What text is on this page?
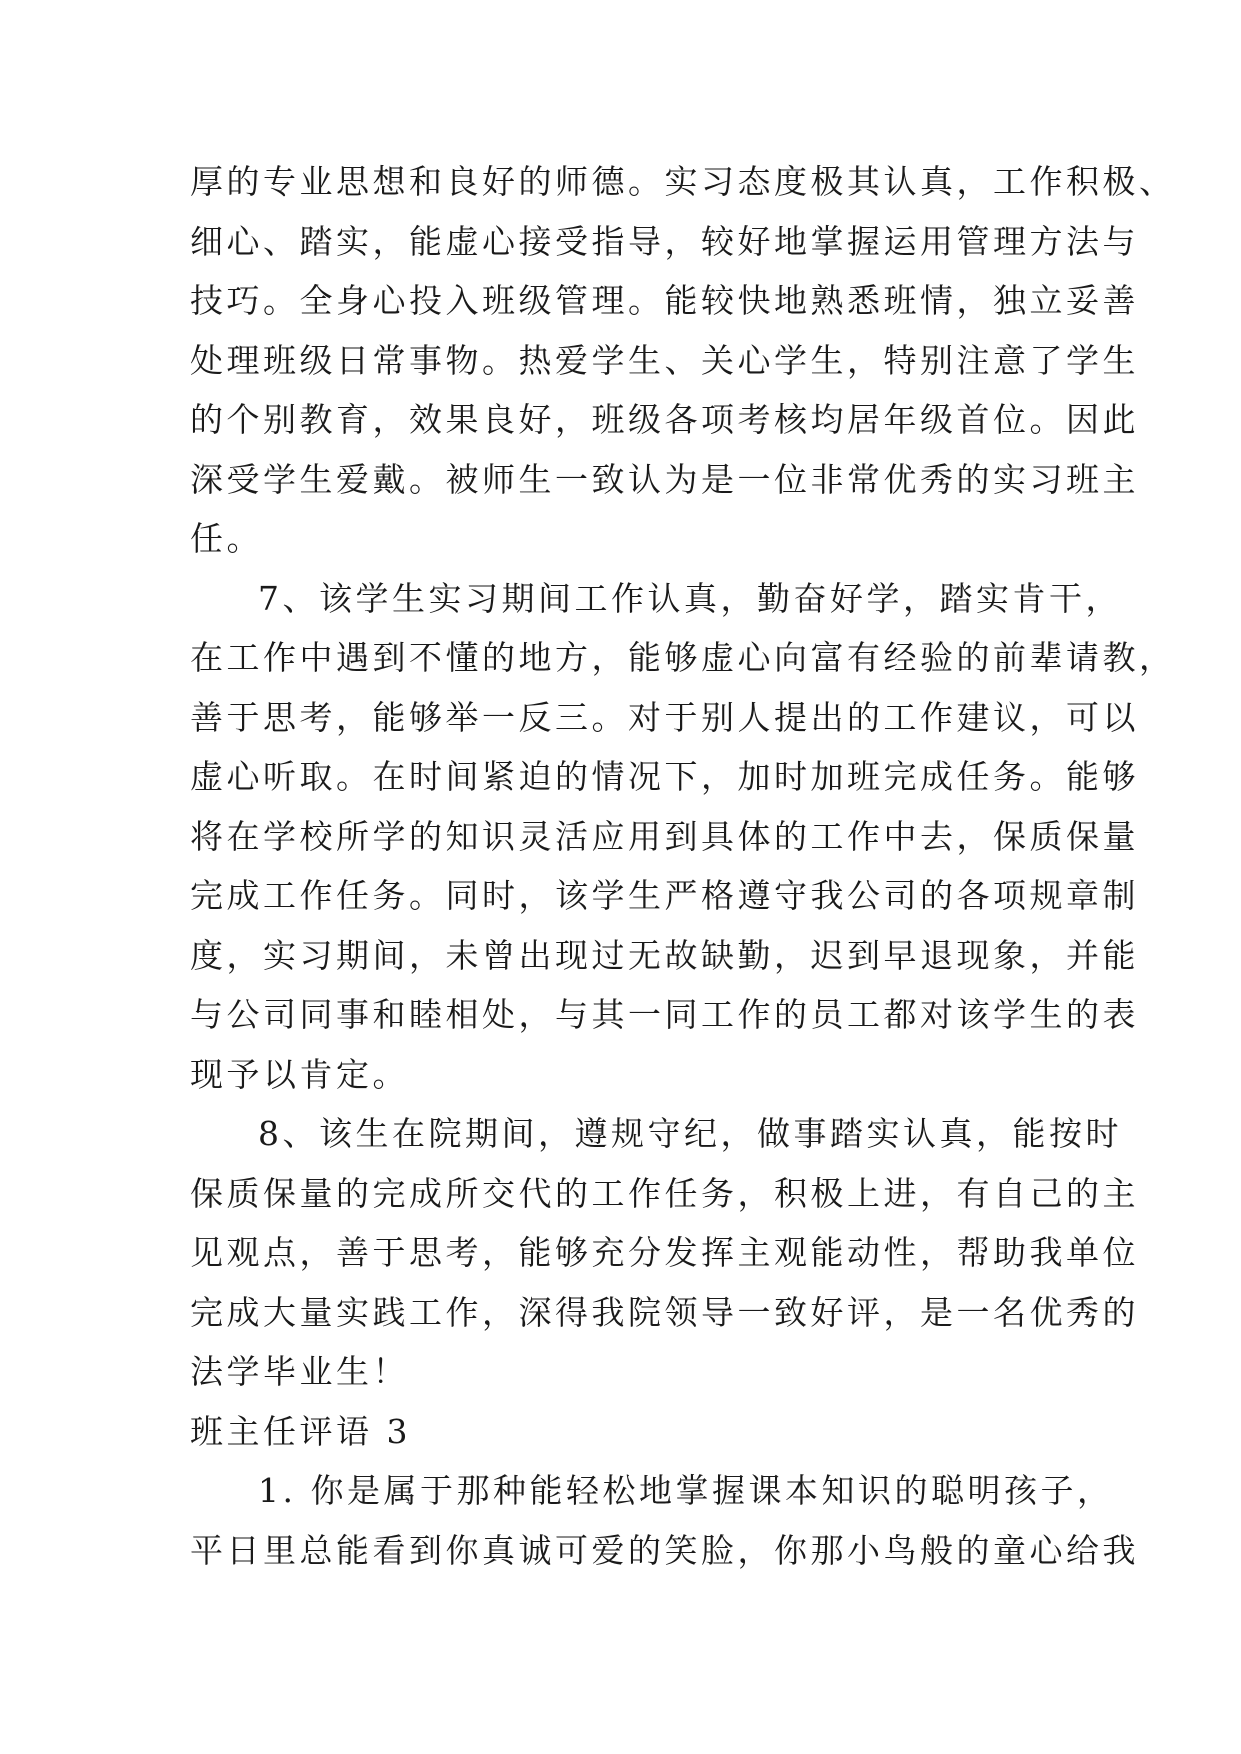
厚的专业思想和良好的师德。实习态度极其认真，工作积极、
细心、踏实，能虚心接受指导，较好地掌握运用管理方法与
技巧。全身心投入班级管理。能较快地熟悉班情，独立妥善
处理班级日常事物。热爱学生、关心学生，特别注意了学生
的个别教育，效果良好，班级各项考核均居年级首位。因此
深受学生爱戴。被师生一致认为是一位非常优秀的实习班主
任。
7、该学生实习期间工作认真，勤奋好学，踏实肯干，
在工作中遇到不懂的地方，能够虚心向富有经验的前辈请教，
善于思考，能够举一反三。对于别人提出的工作建议，可以
虚心听取。在时间紧迫的情况下，加时加班完成任务。能够
将在学校所学的知识灵活应用到具体的工作中去，保质保量
完成工作任务。同时，该学生严格遵守我公司的各项规章制
度，实习期间，未曾出现过无故缺勤，迟到早退现象，并能
与公司同事和睦相处，与其一同工作的员工都对该学生的表
现予以肯定。
8、该生在院期间，遵规守纪，做事踏实认真，能按时
保质保量的完成所交代的工作任务，积极上进，有自己的主
见观点，善于思考，能够充分发挥主观能动性，帮助我单位
完成大量实践工作，深得我院领导一致好评，是一名优秀的
法学毕业生！
班主任评语 3
1. 你是属于那种能轻松地掌握课本知识的聪明孩子，
平日里总能看到你真诚可爱的笑脸，你那小鸟般的童心给我
